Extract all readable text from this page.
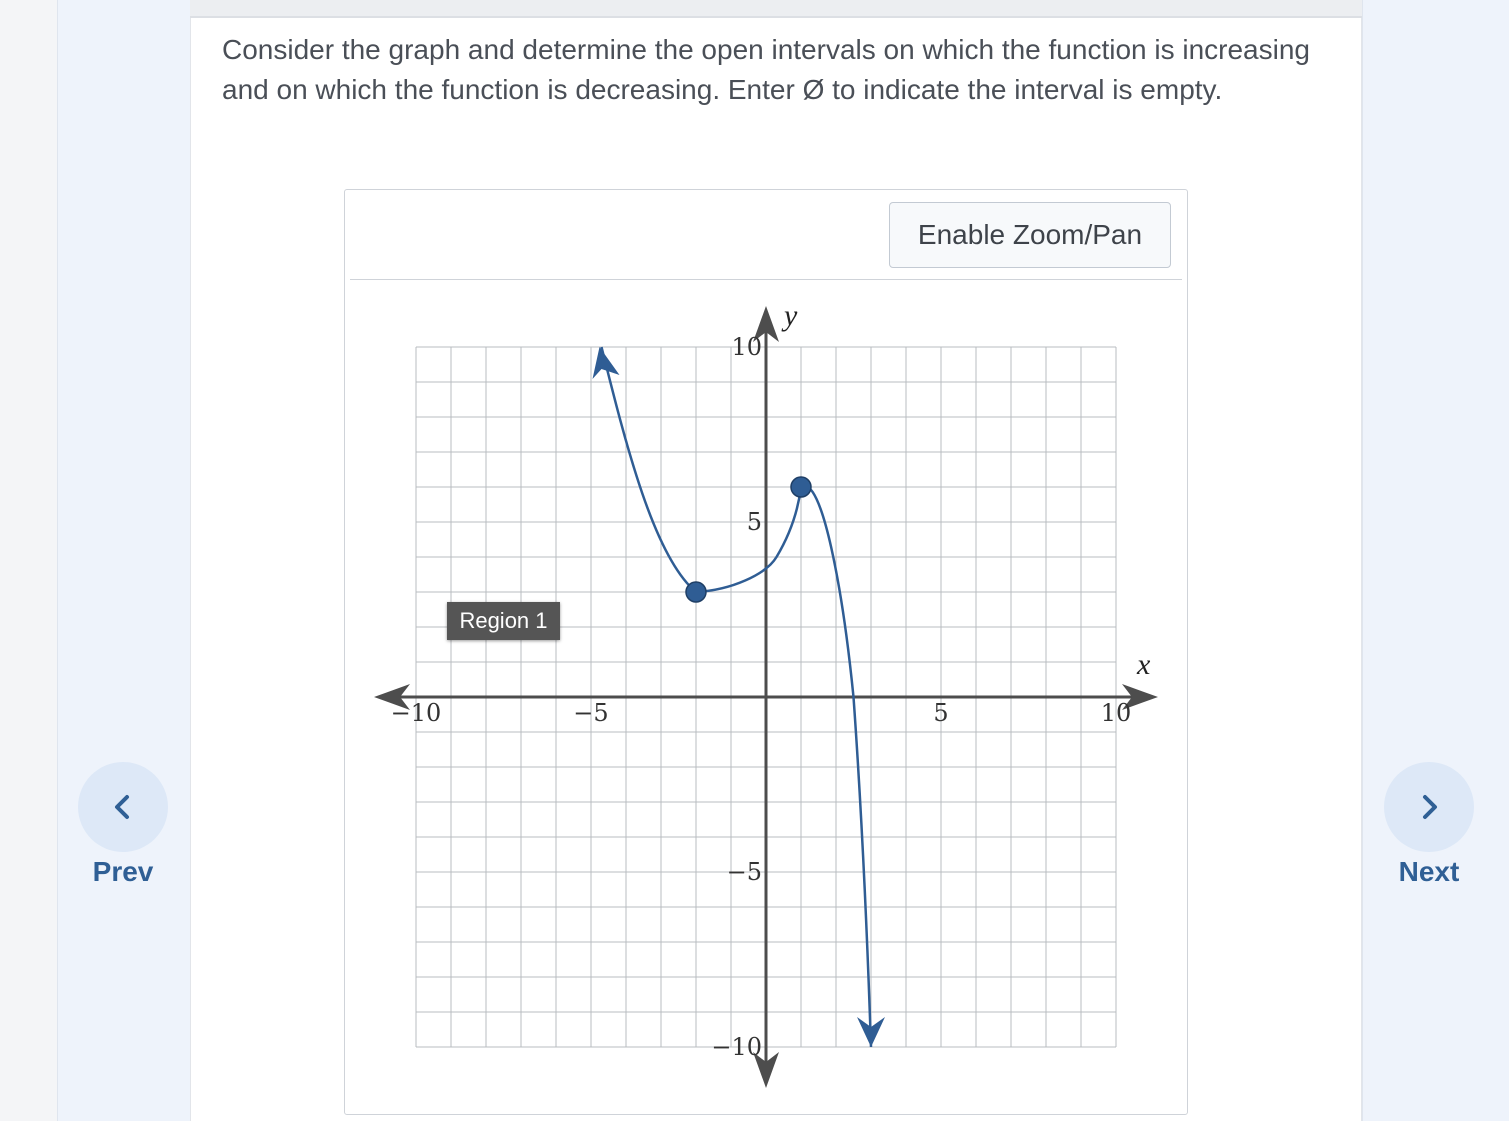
Consider the graph and determine the open intervals on which the function is increasing and on which the function is decreasing. Enter Ø to indicate the interval is empty.

Enable Zoom/Pan
−10	−5	5	10
10
5
−5
−10
x
y
Region 1
Prev	Next
